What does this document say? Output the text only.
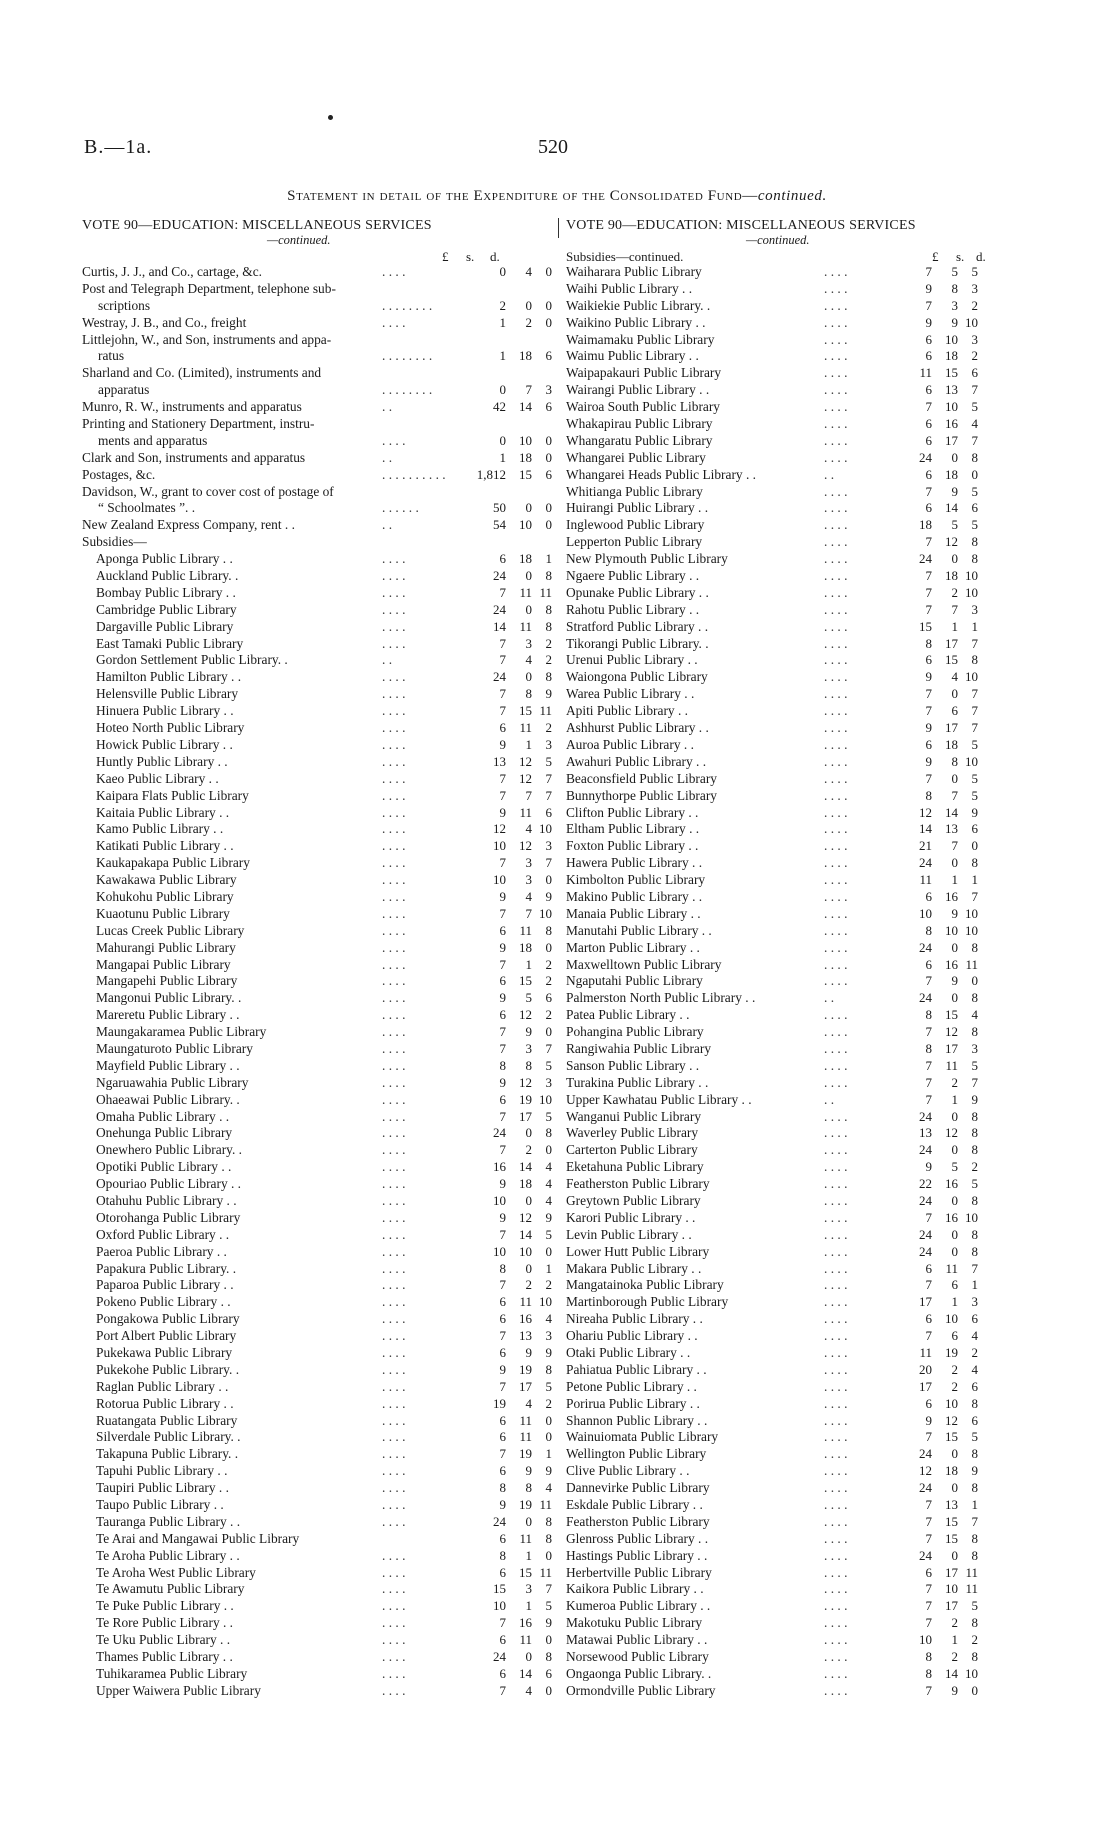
B.—1a.	520
Statement in detail of the Expenditure of the Consolidated Fund—continued.
VOTE 90—EDUCATION: MISCELLANEOUS SERVICES
—continued.
£ s. d.
Curtis, J. J., and Co., cartage, &c.	. . . .	0 4 0
Post and Telegraph Department, telephone sub-
scriptions	. . . . . . . .	2 0 0
Westray, J. B., and Co., freight	. . . .	1 2 0
Littlejohn, W., and Son, instruments and appa-
ratus	. . . . . . . .	1 18 6
Sharland and Co. (Limited), instruments and
apparatus	. . . . . . . .	0 7 3
Munro, R. W., instruments and apparatus	. .	42 14 6
Printing and Stationery Department, instru-
ments and apparatus	. . . .	0 10 0
Clark and Son, instruments and apparatus	. .	1 18 0
Postages, &c.	. . . . . . . . . . 1,812 15 6
Davidson, W., grant to cover cost of postage of
“ Schoolmates ”. .	. . . . . .	50 0 0
New Zealand Express Company, rent . .	. .	54 10 0
Subsidies—
Aponga Public Library . .	. . . .	6 18 1
Auckland Public Library. .	. . . .	24 0 8
Bombay Public Library . .	. . . .	7 11 11
Cambridge Public Library	. . . .	24 0 8
Dargaville Public Library	. . . .	14 11 8
East Tamaki Public Library	. . . .	7 3 2
Gordon Settlement Public Library. .	. .	7 4 2
Hamilton Public Library . .	. . . .	24 0 8
Helensville Public Library	. . . .	7 8 9
Hinuera Public Library . .	. . . .	7 15 11
Hoteo North Public Library	. . . .	6 11 2
Howick Public Library . .	. . . .	9 1 3
Huntly Public Library . .	. . . .	13 12 5
Kaeo Public Library . .	. . . .	7 12 7
Kaipara Flats Public Library	. . . .	7 7 7
Kaitaia Public Library . .	. . . .	9 11 6
Kamo Public Library . .	. . . .	12 4 10
Katikati Public Library . .	. . . .	10 12 3
Kaukapakapa Public Library	. . . .	7 3 7
Kawakawa Public Library	. . . .	10 3 0
Kohukohu Public Library	. . . .	9 4 9
Kuaotunu Public Library	. . . .	7 7 10
Lucas Creek Public Library	. . . .	6 11 8
Mahurangi Public Library	. . . .	9 18 0
Mangapai Public Library	. . . .	7 1 2
Mangapehi Public Library	. . . .	6 15 2
Mangonui Public Library. .	. . . .	9 5 6
Mareretu Public Library . .	. . . .	6 12 2
Maungakaramea Public Library	. . . .	7 9 0
Maungaturoto Public Library	. . . .	7 3 7
Mayfield Public Library . .	. . . .	8 8 5
Ngaruawahia Public Library	. . . .	9 12 3
Ohaeawai Public Library. .	. . . .	6 19 10
Omaha Public Library . .	. . . .	7 17 5
Onehunga Public Library	. . . .	24 0 8
Onewhero Public Library. .	. . . .	7 2 0
Opotiki Public Library . .	. . . .	16 14 4
Opouriao Public Library . .	. . . .	9 18 4
Otahuhu Public Library . .	. . . .	10 0 4
Otorohanga Public Library	. . . .	9 12 9
Oxford Public Library . .	. . . .	7 14 5
Paeroa Public Library . .	. . . .	10 10 0
Papakura Public Library. .	. . . .	8 0 1
Paparoa Public Library . .	. . . .	7 2 2
Pokeno Public Library . .	. . . .	6 11 10
Pongakowa Public Library	. . . .	6 16 4
Port Albert Public Library	. . . .	7 13 3
Pukekawa Public Library	. . . .	6 9 9
Pukekohe Public Library. .	. . . .	9 19 8
Raglan Public Library . .	. . . .	7 17 5
Rotorua Public Library . .	. . . .	19 4 2
Ruatangata Public Library	. . . .	6 11 0
Silverdale Public Library. .	. . . .	6 11 0
Takapuna Public Library. .	. . . .	7 19 1
Tapuhi Public Library . .	. . . .	6 9 9
Taupiri Public Library . .	. . . .	8 8 4
Taupo Public Library . .	. . . .	9 19 11
Tauranga Public Library . .	. . . .	24 0 8
Te Arai and Mangawai Public Library	6 11 8
Te Aroha Public Library . .	. . . .	8 1 0
Te Aroha West Public Library	. . . .	6 15 11
Te Awamutu Public Library	. . . .	15 3 7
Te Puke Public Library . .	. . . .	10 1 5
Te Rore Public Library . .	. . . .	7 16 9
Te Uku Public Library . .	. . . .	6 11 0
Thames Public Library . .	. . . .	24 0 8
Tuhikaramea Public Library	. . . .	6 14 6
Upper Waiwera Public Library	. . . .	7 4 0
VOTE 90—EDUCATION: MISCELLANEOUS SERVICES
—continued.
Subsidies—continued.	£ s. d.
Waiharara Public Library	. . . .	7 5 5
Waihi Public Library . .	. . . .	9 8 3
Waikiekie Public Library. .	. . . .	7 3 2
Waikino Public Library . .	. . . .	9 9 10
Waimamaku Public Library	. . . .	6 10 3
Waimu Public Library . .	. . . .	6 18 2
Waipapakauri Public Library	. . . .	11 15 6
Wairangi Public Library . .	. . . .	6 13 7
Wairoa South Public Library	. . . .	7 10 5
Whakapirau Public Library	. . . .	6 16 4
Whangaratu Public Library	. . . .	6 17 7
Whangarei Public Library	. . . .	24 0 8
Whangarei Heads Public Library . .	. .	6 18 0
Whitianga Public Library	. . . .	7 9 5
Huirangi Public Library . .	. . . .	6 14 6
Inglewood Public Library	. . . .	18 5 5
Lepperton Public Library	. . . .	7 12 8
New Plymouth Public Library	. . . .	24 0 8
Ngaere Public Library . .	. . . .	7 18 10
Opunake Public Library . .	. . . .	7 2 10
Rahotu Public Library . .	. . . .	7 7 3
Stratford Public Library . .	. . . .	15 1 1
Tikorangi Public Library. .	. . . .	8 17 7
Urenui Public Library . .	. . . .	6 15 8
Waiongona Public Library	. . . .	9 4 10
Warea Public Library . .	. . . .	7 0 7
Apiti Public Library . .	. . . .	7 6 7
Ashhurst Public Library . .	. . . .	9 17 7
Auroa Public Library . .	. . . .	6 18 5
Awahuri Public Library . .	. . . .	9 8 10
Beaconsfield Public Library	. . . .	7 0 5
Bunnythorpe Public Library	. . . .	8 7 5
Clifton Public Library . .	. . . .	12 14 9
Eltham Public Library . .	. . . .	14 13 6
Foxton Public Library . .	. . . .	21 7 0
Hawera Public Library . .	. . . .	24 0 8
Kimbolton Public Library	. . . .	11 1 1
Makino Public Library . .	. . . .	6 16 7
Manaia Public Library . .	. . . .	10 9 10
Manutahi Public Library . .	. . . .	8 10 10
Marton Public Library . .	. . . .	24 0 8
Maxwelltown Public Library	. . . .	6 16 11
Ngaputahi Public Library	. . . .	7 9 0
Palmerston North Public Library . .	. .	24 0 8
Patea Public Library . .	. . . .	8 15 4
Pohangina Public Library	. . . .	7 12 8
Rangiwahia Public Library	. . . .	8 17 3
Sanson Public Library . .	. . . .	7 11 5
Turakina Public Library . .	. . . .	7 2 7
Upper Kawhatau Public Library . .	. .	7 1 9
Wanganui Public Library	. . . .	24 0 8
Waverley Public Library	. . . .	13 12 8
Carterton Public Library	. . . .	24 0 8
Eketahuna Public Library	. . . .	9 5 2
Featherston Public Library	. . . .	22 16 5
Greytown Public Library	. . . .	24 0 8
Karori Public Library . .	. . . .	7 16 10
Levin Public Library . .	. . . .	24 0 8
Lower Hutt Public Library	. . . .	24 0 8
Makara Public Library . .	. . . .	6 11 7
Mangatainoka Public Library	. . . .	7 6 1
Martinborough Public Library	. . . .	17 1 3
Nireaha Public Library . .	. . . .	6 10 6
Ohariu Public Library . .	. . . .	7 6 4
Otaki Public Library . .	. . . .	11 19 2
Pahiatua Public Library . .	. . . .	20 2 4
Petone Public Library . .	. . . .	17 2 6
Porirua Public Library . .	. . . .	6 10 8
Shannon Public Library . .	. . . .	9 12 6
Wainuiomata Public Library	. . . .	7 15 5
Wellington Public Library	. . . .	24 0 8
Clive Public Library . .	. . . .	12 18 9
Dannevirke Public Library	. . . .	24 0 8
Eskdale Public Library . .	. . . .	7 13 1
Featherston Public Library	. . . .	7 15 7
Glenross Public Library . .	. . . .	7 15 8
Hastings Public Library . .	. . . .	24 0 8
Herbertville Public Library	. . . .	6 17 11
Kaikora Public Library . .	. . . .	7 10 11
Kumeroa Public Library . .	. . . .	7 17 5
Makotuku Public Library	. . . .	7 2 8
Matawai Public Library . .	. . . .	10 1 2
Norsewood Public Library	. . . .	8 2 8
Ongaonga Public Library. .	. . . .	8 14 10
Ormondville Public Library	. . . .	7 9 0
